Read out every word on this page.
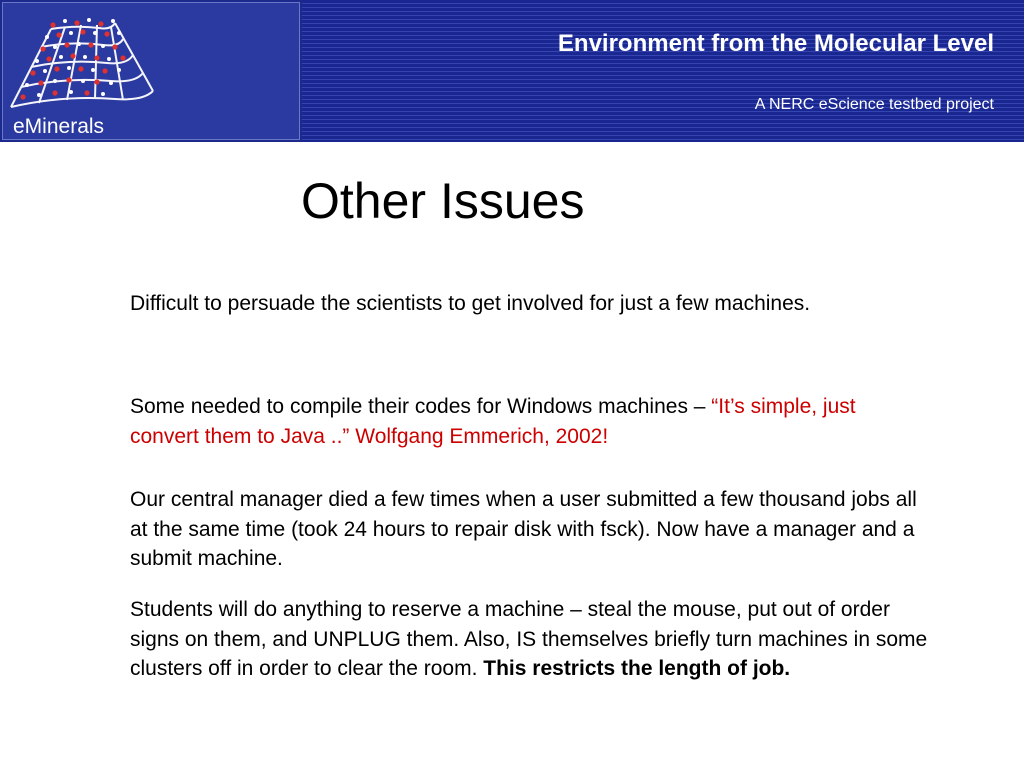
eMinerals
Environment from the Molecular Level
A NERC eScience testbed project
Other Issues

Difficult to persuade the scientists to get involved for just a few machines.

Some needed to compile their codes for Windows machines – “It’s simple, just convert them to Java ..” Wolfgang Emmerich, 2002!

Our central manager died a few times when a user submitted a few thousand jobs all at the same time (took 24 hours to repair disk with fsck). Now have a manager and a submit machine.

Students will do anything to reserve a machine – steal the mouse, put out of order signs on them, and UNPLUG them. Also, IS themselves briefly turn machines in some clusters off in order to clear the room. This restricts the length of job.
